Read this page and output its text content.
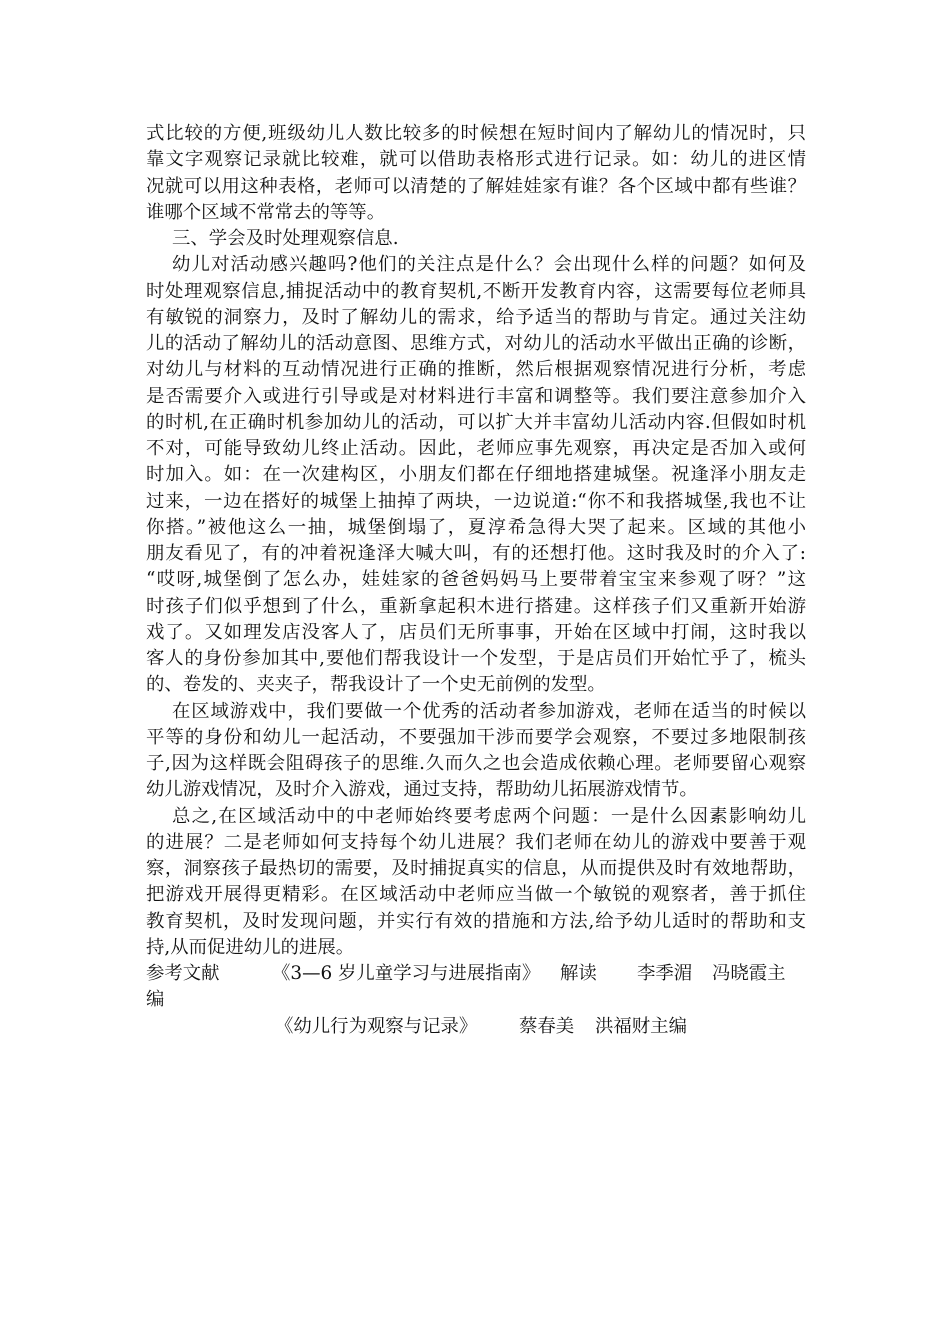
式比较的方便,班级幼儿人数比较多的时候想在短时间内了解幼儿的情况时，只
靠文字观察记录就比较难，就可以借助表格形式进行记录。如：幼儿的进区情
况就可以用这种表格，老师可以清楚的了解娃娃家有谁？各个区域中都有些谁？
谁哪个区域不常常去的等等。
三、学会及时处理观察信息.
幼儿对活动感兴趣吗?他们的关注点是什么？会出现什么样的问题？如何及
时处理观察信息,捕捉活动中的教育契机,不断开发教育内容，这需要每位老师具
有敏锐的洞察力，及时了解幼儿的需求，给予适当的帮助与肯定。通过关注幼
儿的活动了解幼儿的活动意图、思维方式，对幼儿的活动水平做出正确的诊断，
对幼儿与材料的互动情况进行正确的推断，然后根据观察情况进行分析，考虑
是否需要介入或进行引导或是对材料进行丰富和调整等。我们要注意参加介入
的时机,在正确时机参加幼儿的活动，可以扩大并丰富幼儿活动内容.但假如时机
不对，可能导致幼儿终止活动。因此，老师应事先观察，再决定是否加入或何
时加入。如：在一次建构区，小朋友们都在仔细地搭建城堡。祝逢泽小朋友走
过来，一边在搭好的城堡上抽掉了两块，一边说道:“你不和我搭城堡,我也不让
你搭。”被他这么一抽，城堡倒塌了，夏淳希急得大哭了起来。区域的其他小
朋友看见了，有的冲着祝逢泽大喊大叫，有的还想打他。这时我及时的介入了:
“哎呀,城堡倒了怎么办，娃娃家的爸爸妈妈马上要带着宝宝来参观了呀？”这
时孩子们似乎想到了什么，重新拿起积木进行搭建。这样孩子们又重新开始游
戏了。又如理发店没客人了，店员们无所事事，开始在区域中打闹，这时我以
客人的身份参加其中,要他们帮我设计一个发型，于是店员们开始忙乎了，梳头
的、卷发的、夹夹子，帮我设计了一个史无前例的发型。
在区域游戏中，我们要做一个优秀的活动者参加游戏，老师在适当的时候以
平等的身份和幼儿一起活动，不要强加干涉而要学会观察，不要过多地限制孩
子,因为这样既会阻碍孩子的思维.久而久之也会造成依赖心理。老师要留心观察
幼儿游戏情况，及时介入游戏，通过支持，帮助幼儿拓展游戏情节。
总之,在区域活动中的中老师始终要考虑两个问题：一是什么因素影响幼儿
的进展？二是老师如何支持每个幼儿进展？我们老师在幼儿的游戏中要善于观
察，洞察孩子最热切的需要，及时捕捉真实的信息，从而提供及时有效地帮助，
把游戏开展得更精彩。在区域活动中老师应当做一个敏锐的观察者，善于抓住
教育契机，及时发现问题，并实行有效的措施和方法,给予幼儿适时的帮助和支
持,从而促进幼儿的进展。
参考文献	《3—6 岁儿童学习与进展指南》 解读 李季湄 冯晓霞主
编
《幼儿行为观察与记录》 蔡春美 洪福财主编
